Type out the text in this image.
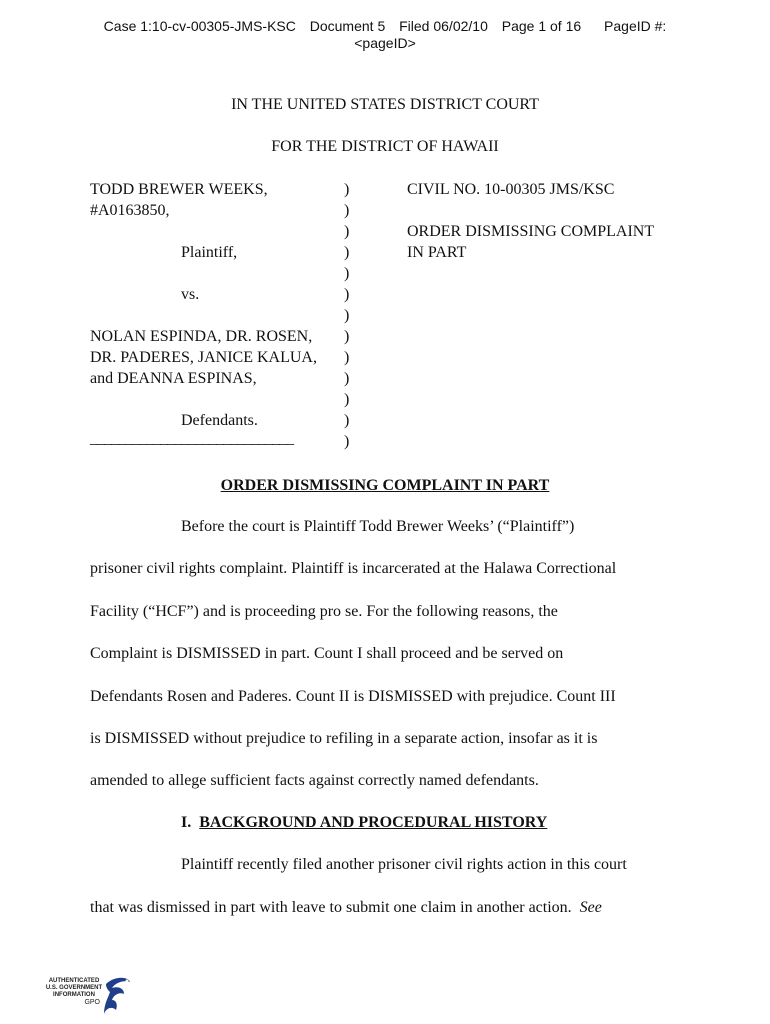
Case 1:10-cv-00305-JMS-KSC Document 5 Filed 06/02/10 Page 1 of 16 PageID #:
<pageID>
IN THE UNITED STATES DISTRICT COURT
FOR THE DISTRICT OF HAWAII
TODD BREWER WEEKS,
#A0163850,
Plaintiff,
vs.
NOLAN ESPINDA, DR. ROSEN,
DR. PADERES, JANICE KALUA,
and DEANNA ESPINAS,
Defendants.
_____________________________
)
)
)
)
)
)
)
)
)
)
)
)
)
CIVIL NO. 10-00305 JMS/KSC
ORDER DISMISSING COMPLAINT
IN PART
ORDER DISMISSING COMPLAINT IN PART
Before the court is Plaintiff Todd Brewer Weeks’ (“Plaintiff”)
prisoner civil rights complaint. Plaintiff is incarcerated at the Halawa Correctional
Facility (“HCF”) and is proceeding pro se. For the following reasons, the
Complaint is DISMISSED in part. Count I shall proceed and be served on
Defendants Rosen and Paderes. Count II is DISMISSED with prejudice. Count III
is DISMISSED without prejudice to refiling in a separate action, insofar as it is
amended to allege sufficient facts against correctly named defendants.
I. BACKGROUND AND PROCEDURAL HISTORY
Plaintiff recently filed another prisoner civil rights action in this court
that was dismissed in part with leave to submit one claim in another action. See
AUTHENTICATED
U.S. GOVERNMENT
INFORMATION
GPO
